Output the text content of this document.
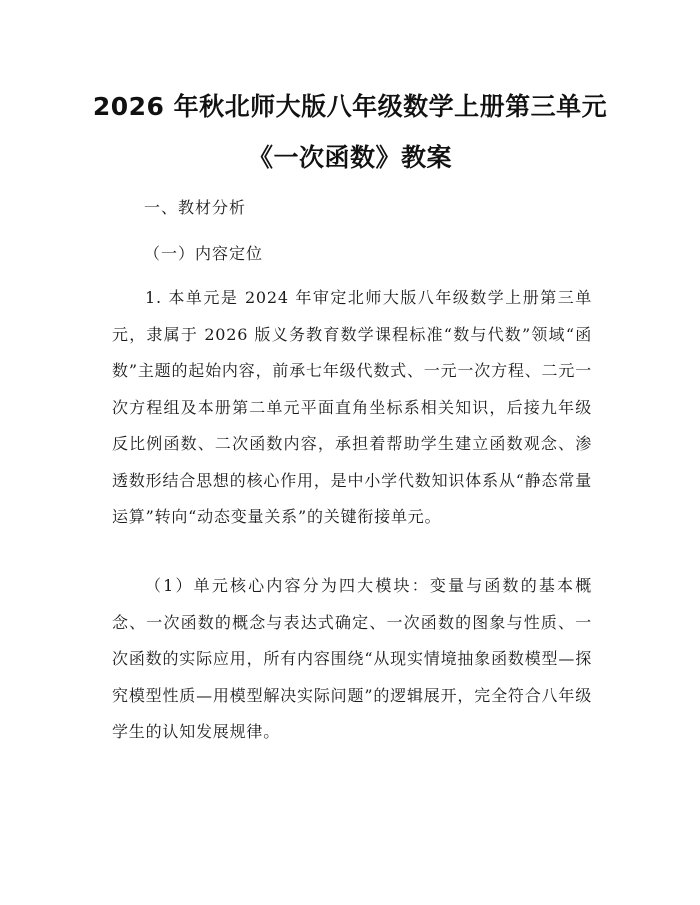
2026 年秋北师大版八年级数学上册第三单元
《一次函数》教案
一、教材分析
（一）内容定位

1. 本单元是 2024 年审定北师大版八年级数学上册第三单元，隶属于 2026 版义务教育数学课程标准“数与代数”领域“函数”主题的起始内容，前承七年级代数式、一元一次方程、二元一次方程组及本册第二单元平面直角坐标系相关知识，后接九年级反比例函数、二次函数内容，承担着帮助学生建立函数观念、渗透数形结合思想的核心作用，是中小学代数知识体系从“静态常量运算”转向“动态变量关系”的关键衔接单元。

（1）单元核心内容分为四大模块：变量与函数的基本概念、一次函数的概念与表达式确定、一次函数的图象与性质、一次函数的实际应用，所有内容围绕“从现实情境抽象函数模型—探究模型性质—用模型解决实际问题”的逻辑展开，完全符合八年级学生的认知发展规律。
